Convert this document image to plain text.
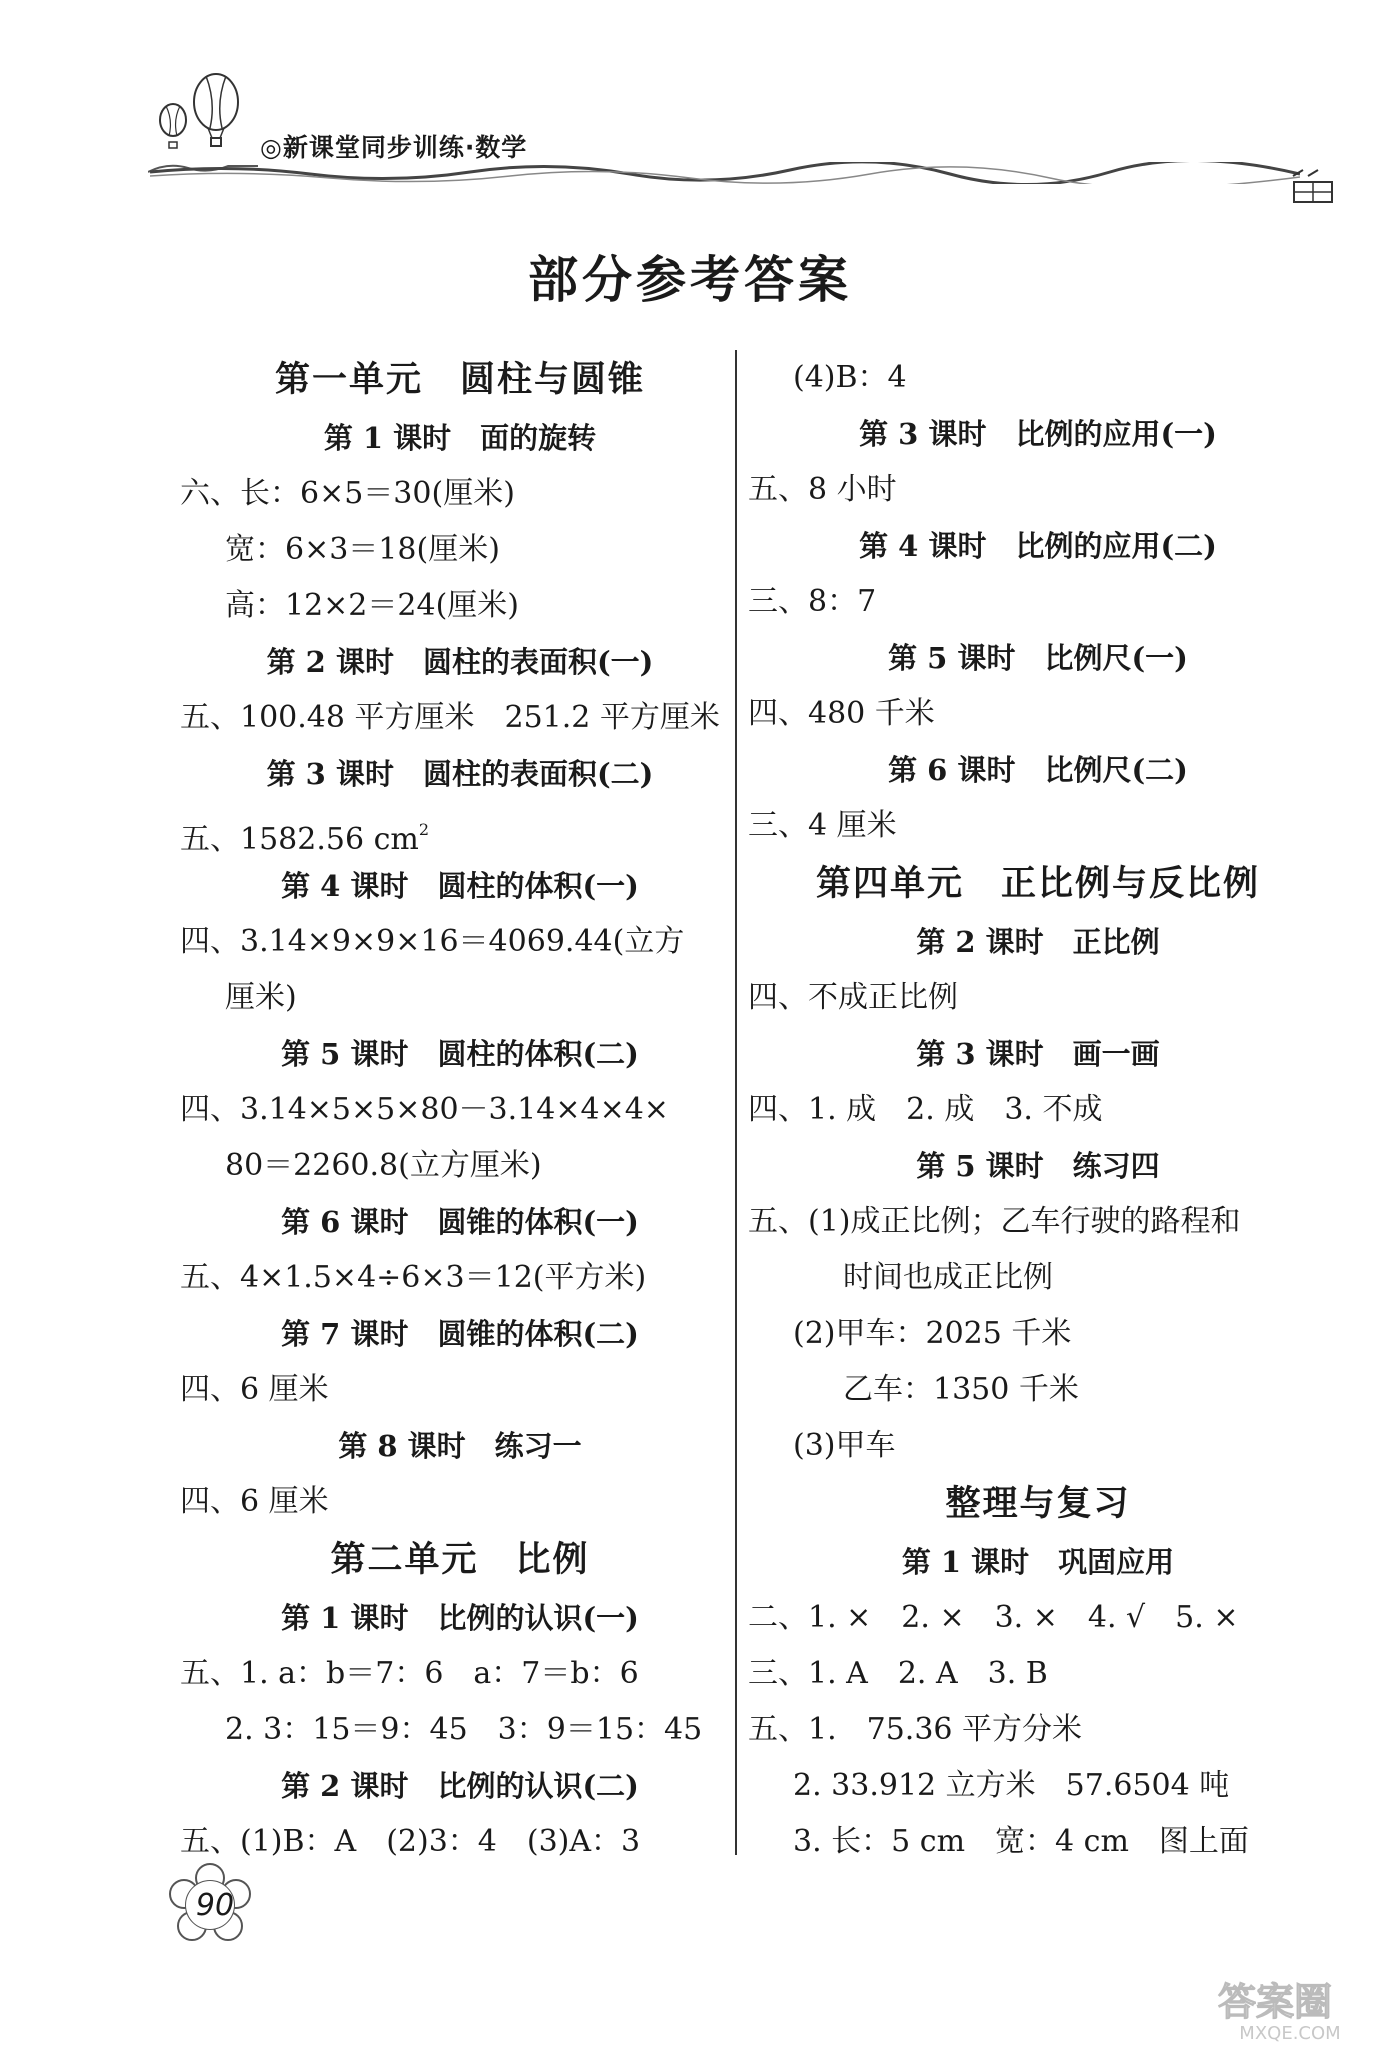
◎新课堂同步训练·数学
部分参考答案
第一单元　圆柱与圆锥
第 1 课时　面的旋转
六、长：6×5＝30(厘米)
宽：6×3＝18(厘米)
高：12×2＝24(厘米)
第 2 课时　圆柱的表面积(一)
五、100.48 平方厘米　251.2 平方厘米
第 3 课时　圆柱的表面积(二)
五、1582.56 $cm^2$
第 4 课时　圆柱的体积(一)
四、3.14×9×9×16＝4069.44(立方
厘米)
第 5 课时　圆柱的体积(二)
四、3.14×5×5×80－3.14×4×4×
80＝2260.8(立方厘米)
第 6 课时　圆锥的体积(一)
五、4×1.5×4÷6×3＝12(平方米)
第 7 课时　圆锥的体积(二)
四、6 厘米
第 8 课时　练习一
四、6 厘米
第二单元　比例
第 1 课时　比例的认识(一)
五、1. a：b＝7：6　a：7＝b：6
2. 3：15＝9：45　3：9＝15：45
第 2 课时　比例的认识(二)
五、(1)B：A　(2)3：4　(3)A：3
(4)B：4
第 3 课时　比例的应用(一)
五、8 小时
第 4 课时　比例的应用(二)
三、8：7
第 5 课时　比例尺(一)
四、480 千米
第 6 课时　比例尺(二)
三、4 厘米
第四单元　正比例与反比例
第 2 课时　正比例
四、不成正比例
第 3 课时　画一画
四、1. 成　2. 成　3. 不成
第 5 课时　练习四
五、(1)成正比例；乙车行驶的路程和
时间也成正比例
(2)甲车：2025 千米
乙车：1350 千米
(3)甲车
整理与复习
第 1 课时　巩固应用
二、1. ×　2. ×　3. ×　4. √　5. ×
三、1. A　2. A　3. B
五、1.　75.36 平方分米
2. 33.912 立方米　57.6504 吨
3. 长：5 cm　宽：4 cm　图上面
90
答案圈
MXQE.COM
